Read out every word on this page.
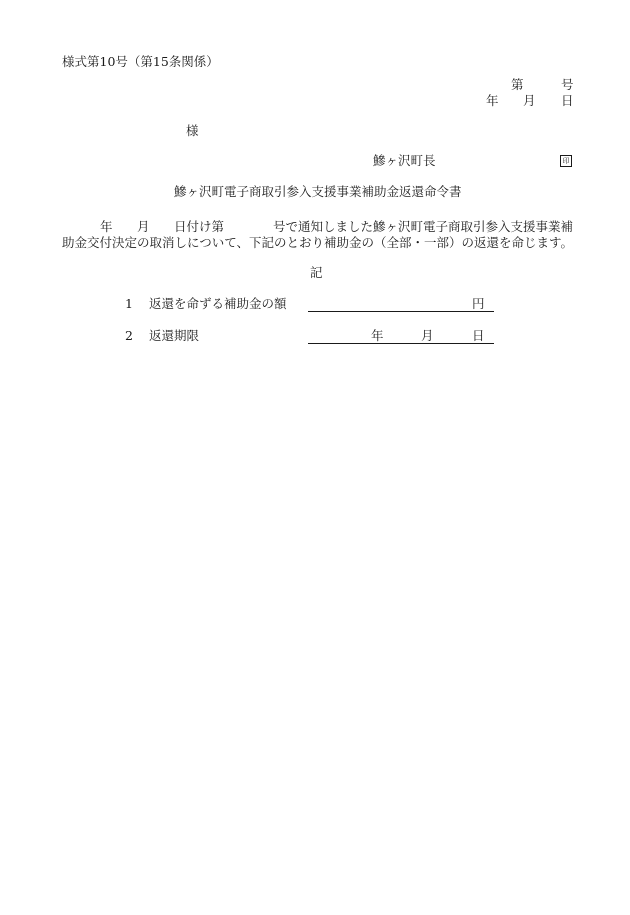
様式第10号（第15条関係）
第	号
年 月 日
様
鰺ヶ沢町長	印
鰺ヶ沢町電子商取引参入支援事業補助金返還命令書
年 月 日付け第	号で通知しました鰺ヶ沢町電子商取引参入支援事業補
助金交付決定の取消しについて、下記のとおり補助金の（全部・一部）の返還を命じます。
記
1 返還を命ずる補助金の額	円
2 返還期限	年	月	日
